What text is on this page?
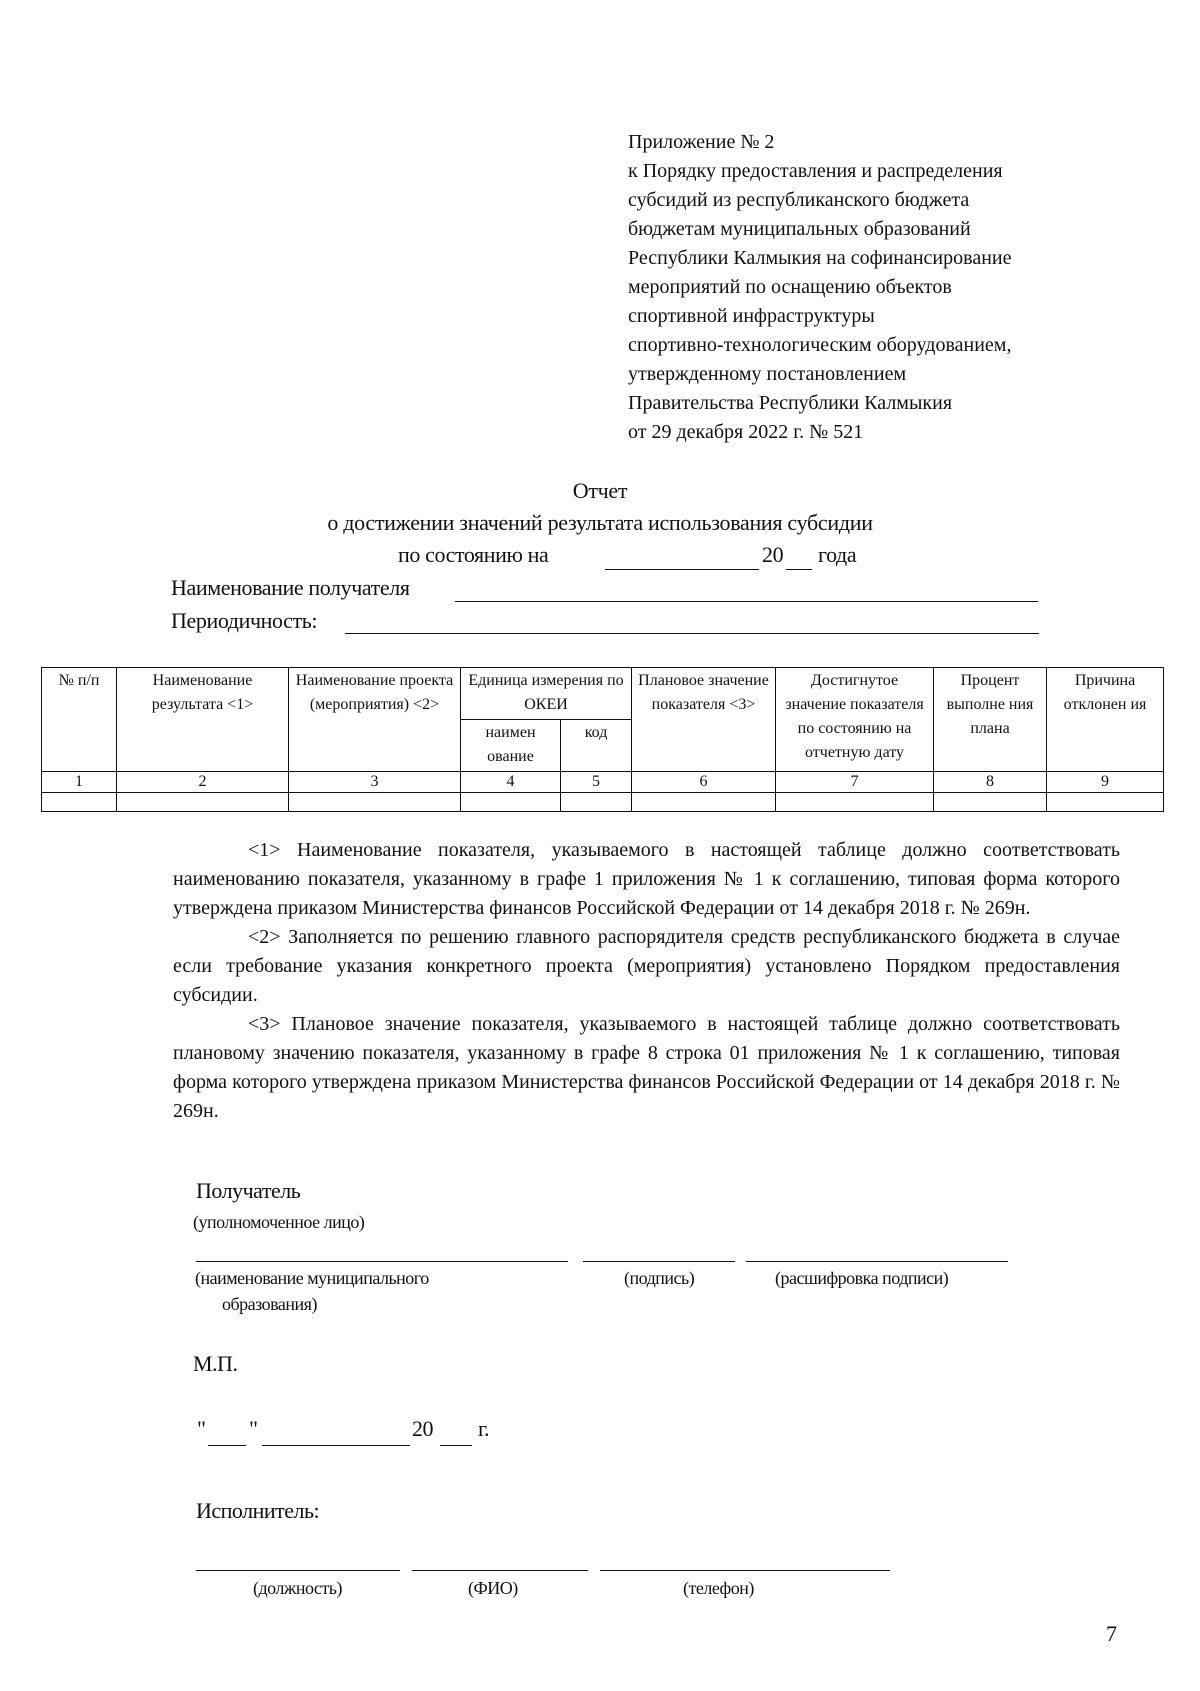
Приложение № 2
к Порядку предоставления и распределения
субсидий из республиканского бюджета
бюджетам муниципальных образований
Республики Калмыкия на софинансирование
мероприятий по оснащению объектов
спортивной инфраструктуры
спортивно-технологическим оборудованием,
утвержденному постановлением
Правительства Республики Калмыкия
от 29 декабря 2022 г. № 521
Отчет
о достижении значений результата использования субсидии
по состоянию на	20 года
Наименование получателя
Периодичность:
№ п/п	Наименование результата <1>	Наименование проекта (мероприятия) <2>	Единица измерения по ОКЕИ		Плановое значение показателя <3>	Достигнутое значение показателя по состоянию на отчетную дату	Процент выполне ния плана	Причина отклонен ия
			наимен ование	код				
1	2	3	4	5	6	7	8	9

<1> Наименование показателя, указываемого в настоящей таблице должно соответствовать наименованию показателя, указанному в графе 1 приложения № 1 к соглашению, типовая форма которого утверждена приказом Министерства финансов Российской Федерации от 14 декабря 2018 г. № 269н.

<2> Заполняется по решению главного распорядителя средств республиканского бюджета в случае если требование указания конкретного проекта (мероприятия) установлено Порядком предоставления субсидии.

<3> Плановое значение показателя, указываемого в настоящей таблице должно соответствовать плановому значению показателя, указанному в графе 8 строка 01 приложения № 1 к соглашению, типовая форма которого утверждена приказом Министерства финансов Российской Федерации от 14 декабря 2018 г. № 269н.

Получатель
(уполномоченное лицо)
(наименование муниципального
образования)
(подпись)	(расшифровка подписи)
М.П.
" "	20 г.
Исполнитель:
(должность)	(ФИО)	(телефон)
7
